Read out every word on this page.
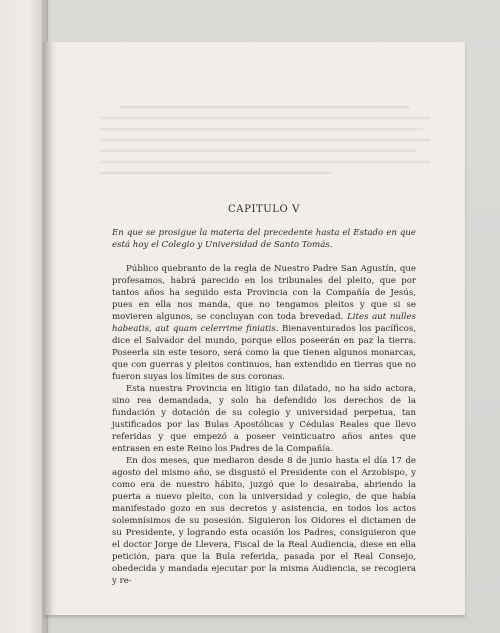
CAPITULO V

En que se prosigue la materia del precedente hasta el Estado en que está hoy el Colegio y Universidad de Santo Tomás.

Público quebranto de la regla de Nuestro Padre San Agustín, que profesamos, habrá parecido en los tribunales del pleito, que por tantos años ha seguido esta Provincia con la Compañía de Jesús, pues en ella nos manda, que no tengamos pleitos y que si se movieren algunos, se concluyan con toda brevedad. Lites aut nulles habeatis, aut quam celerrime finiatis. Bienaventurados los pacíficos, dice el Salvador del mundo, porque ellos poseerán en paz la tierra. Poseerla sin este tesoro, será como la que tienen algunos monarcas, que con guerras y pleitos continuos, han extendido en tierras que no fueron suyas los límites de sus coronas.

Esta nuestra Provincia en litigio tan dilatado, no ha sido actora, sino rea demandada, y solo ha defendido los derechos de la fundación y dotación de su colegio y universidad perpetua, tan justificados por las Bulas Apostólicas y Cédulas Reales que llevo referidas y que empezó a poseer veinticuatro años antes que entrasen en este Reino los Padres de la Compañía.

En dos meses, que mediaron desde 8 de junio hasta el día 17 de agosto del mismo año, se disgustó el Presidente con el Arzobispo, y como era de nuestro hábito, juzgó que lo desairaba, abriendo la puerta a nuevo pleito, con la universidad y colegio, de que había manifestado gozo en sus decretos y asistencia, en todos los actos solemnísimos de su posesión. Siguieron los Oidores el dictamen de su Presidente, y logrando esta ocasión los Padres, consiguieron que el doctor Jorge de Llevera, Fiscal de la Real Audiencia, diese en ella petición, para que la Bula referida, pasada por el Real Consejo, obedecida y mandada ejecutar por la misma Audiencia, se recogiera y re-
